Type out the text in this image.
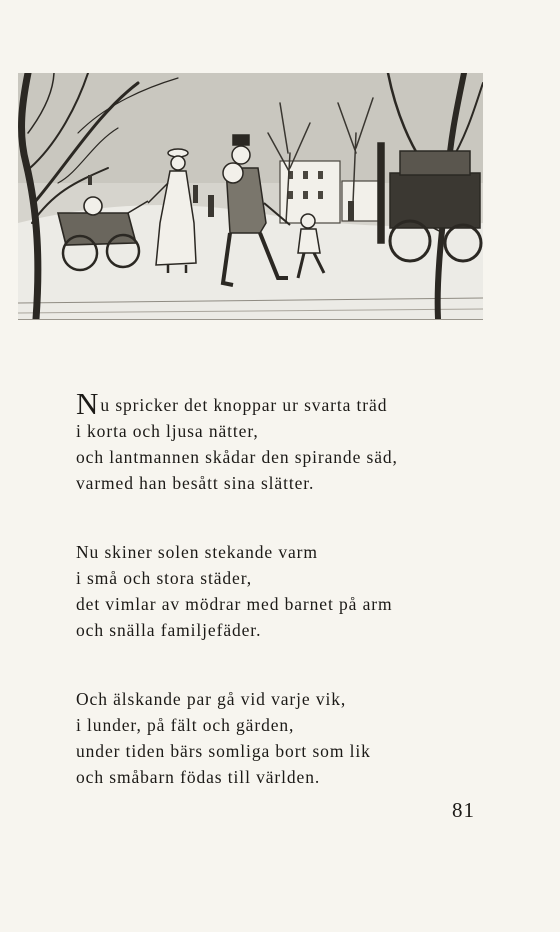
Nu spricker det knoppar ur svarta träd
i korta och ljusa nätter,
och lantmannen skådar den spirande säd,
varmed han besått sina slätter.

Nu skiner solen stekande varm
i små och stora städer,
det vimlar av mödrar med barnet på arm
och snälla familjefäder.

Och älskande par gå vid varje vik,
i lunder, på fält och gärden,
under tiden bärs somliga bort som lik
och småbarn födas till världen.

81
